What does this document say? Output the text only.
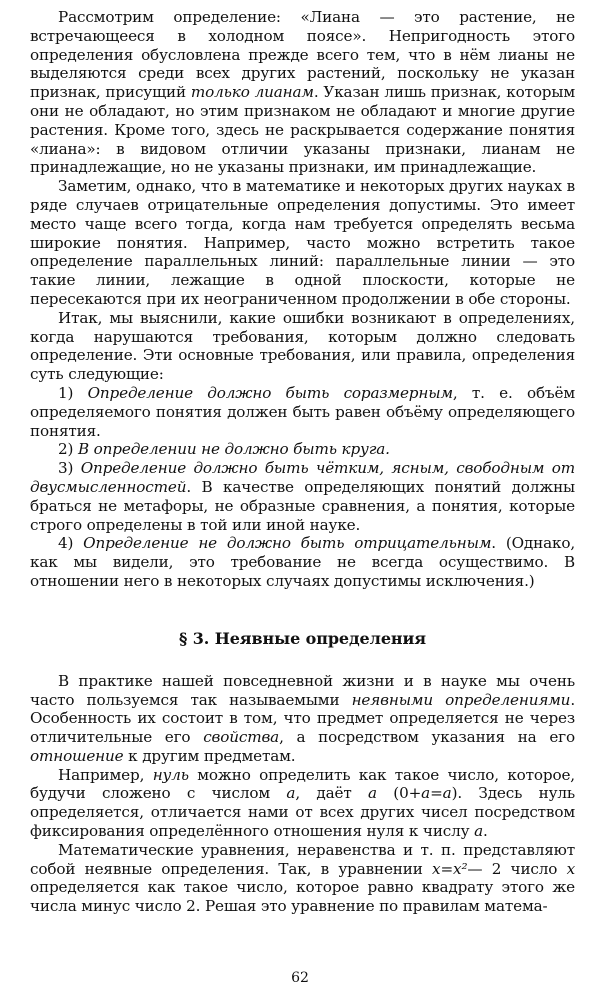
Рассмотрим определение: «Лиана — это растение, не встречающееся в холодном поясе». Непригодность этого определения обусловлена прежде всего тем, что в нём лианы не выделяются среди всех других растений, поскольку не указан признак, присущий только лианам. Указан лишь признак, которым они не обладают, но этим признаком не обладают и многие другие растения. Кроме того, здесь не раскрывается содержание понятия «лиана»: в видовом отличии указаны признаки, лианам не принадлежащие, но не указаны признаки, им принадлежащие.

Заметим, однако, что в математике и некоторых других науках в ряде случаев отрицательные определения допустимы. Это имеет место чаще всего тогда, когда нам требуется определять весьма широкие понятия. Например, часто можно встретить такое определение параллельных линий: параллельные линии — это такие линии, лежащие в одной плоскости, которые не пересекаются при их неограниченном продолжении в обе стороны.

Итак, мы выяснили, какие ошибки возникают в определениях, когда нарушаются требования, которым должно следовать определение. Эти основные требования, или правила, определения суть следующие:

1) Определение должно быть соразмерным, т. е. объём определяемого понятия должен быть равен объёму определяющего понятия.

2) В определении не должно быть круга.

3) Определение должно быть чётким, ясным, свободным от двусмысленностей. В качестве определяющих понятий должны браться не метафоры, не образные сравнения, а понятия, которые строго определены в той или иной науке.

4) Определение не должно быть отрицательным. (Однако, как мы видели, это требование не всегда осуществимо. В отношении него в некоторых случаях допустимы исключения.)

§ 3. Неявные определения

В практике нашей повседневной жизни и в науке мы очень часто пользуемся так называемыми неявными определениями. Особенность их состоит в том, что предмет определяется не через отличительные его свойства, а посредством указания на его отношение к другим предметам.

Например, нуль можно определить как такое число, которое, будучи сложено с числом a, даёт a (0+a=a). Здесь нуль определяется, отличается нами от всех других чисел посредством фиксирования определённого отношения нуля к числу a.

Математические уравнения, неравенства и т. п. представляют собой неявные определения. Так, в уравнении x=x²— 2 число x определяется как такое число, которое равно квадрату этого же числа минус число 2. Решая это уравнение по правилам матема-

62
